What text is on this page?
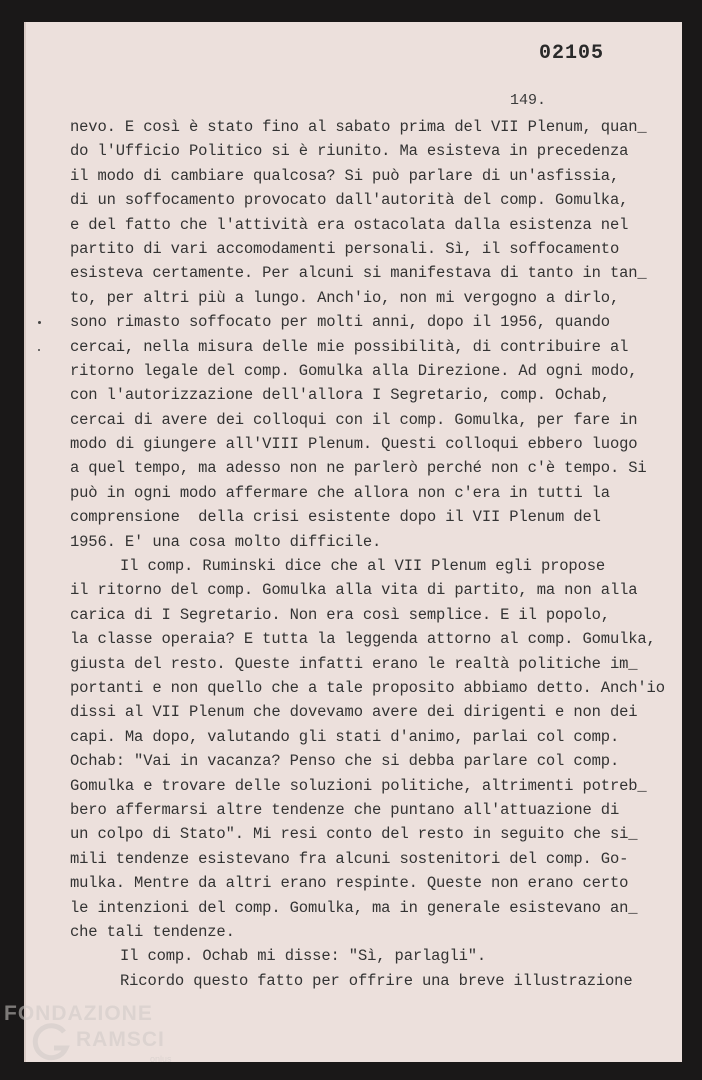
02105
149.
nevo. E così è stato fino al sabato prima del VII Plenum, quan_
do l'Ufficio Politico si è riunito. Ma esisteva in precedenza
il modo di cambiare qualcosa? Si può parlare di un'asfissia,
di un soffocamento provocato dall'autorità del comp. Gomulka,
e del fatto che l'attività era ostacolata dalla esistenza nel
partito di vari accomodamenti personali. Sì, il soffocamento
esisteva certamente. Per alcuni si manifestava di tanto in tan_
to, per altri più a lungo. Anch'io, non mi vergogno a dirlo,
sono rimasto soffocato per molti anni, dopo il 1956, quando
cercai, nella misura delle mie possibilità, di contribuire al
ritorno legale del comp. Gomulka alla Direzione. Ad ogni modo,
con l'autorizzazione dell'allora I Segretario, comp. Ochab,
cercai di avere dei colloqui con il comp. Gomulka, per fare in
modo di giungere all'VIII Plenum. Questi colloqui ebbero luogo
a quel tempo, ma adesso non ne parlerò perché non c'è tempo. Si
può in ogni modo affermare che allora non c'era in tutti la
comprensione  della crisi esistente dopo il VII Plenum del
1956. E' una cosa molto difficile.
Il comp. Ruminski dice che al VII Plenum egli propose
il ritorno del comp. Gomulka alla vita di partito, ma non alla
carica di I Segretario. Non era così semplice. E il popolo,
la classe operaia? E tutta la leggenda attorno al comp. Gomulka,
giusta del resto. Queste infatti erano le realtà politiche im_
portanti e non quello che a tale proposito abbiamo detto. Anch'io
dissi al VII Plenum che dovevamo avere dei dirigenti e non dei
capi. Ma dopo, valutando gli stati d'animo, parlai col comp.
Ochab: "Vai in vacanza? Penso che si debba parlare col comp.
Gomulka e trovare delle soluzioni politiche, altrimenti potreb_
bero affermarsi altre tendenze che puntano all'attuazione di
un colpo di Stato". Mi resi conto del resto in seguito che si_
mili tendenze esistevano fra alcuni sostenitori del comp. Go-
mulka. Mentre da altri erano respinte. Queste non erano certo
le intenzioni del comp. Gomulka, ma in generale esistevano an_
che tali tendenze.
Il comp. Ochab mi disse: "Sì, parlagli".
Ricordo questo fatto per offrire una breve illustrazione
FONDAZIONE
RAMSCI
onlus
